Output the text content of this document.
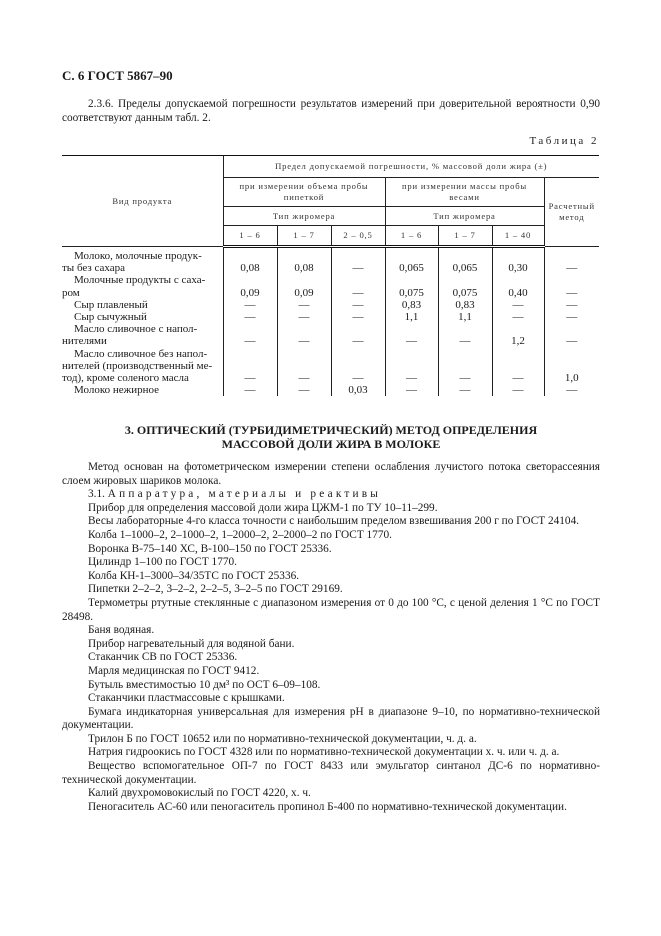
С. 6 ГОСТ 5867–90
2.3.6. Пределы допускаемой погрешности результатов измерений при доверительной вероятности 0,90 соответствуют данным табл. 2.
Таблица 2
Вид продукта	Предел допускаемой погрешности, % массовой доли жира (±)						
	при измерении объема пробы пипеткой			при измерении массы пробы весами			Расчетный метод
	Тип жиромера			Тип жиромера			
	1 – 6	1 – 7	2 – 0,5	1 – 6	1 – 7	1 – 40	

Молоко, молочные продук-
ты без сахара	0,08	0,08	—	0,065	0,065	0,30	—

Молочные продукты с саха-
ром	0,09	0,09	—	0,075	0,075	0,40	—

Сыр плавленый	—	—	—	0,83	0,83	—	—

Сыр сычужный	—	—	—	1,1	1,1	—	—

Масло сливочное с напол-
нителями	—	—	—	—	—	1,2	—

Масло сливочное без напол-
нителей (производственный ме-
тод), кроме соленого масла	—	—	—	—	—	—	1,0

Молоко нежирное	—	—	0,03	—	—	—	—
3. ОПТИЧЕСКИЙ (ТУРБИДИМЕТРИЧЕСКИЙ) МЕТОД ОПРЕДЕЛЕНИЯ
МАССОВОЙ ДОЛИ ЖИРА В МОЛОКЕ
Метод основан на фотометрическом измерении степени ослабления лучистого потока светорассеяния слоем жировых шариков молока.
3.1. Аппаратура, материалы и реактивы
Прибор для определения массовой доли жира ЦЖМ-1 по ТУ 10–11–299.
Весы лабораторные 4-го класса точности с наибольшим пределом взвешивания 200 г по ГОСТ 24104.
Колба 1–1000–2, 2–1000–2, 1–2000–2, 2–2000–2 по ГОСТ 1770.
Воронка В-75–140 ХС, В-100–150 по ГОСТ 25336.
Цилиндр 1–100 по ГОСТ 1770.
Колба КН-1–3000–34/35ТС по ГОСТ 25336.
Пипетки 2–2–2, 3–2–2, 2–2–5, 3–2–5 по ГОСТ 29169.
Термометры ртутные стеклянные с диапазоном измерения от 0 до 100 °С, с ценой деления 1 °С по ГОСТ 28498.
Баня водяная.
Прибор нагревательный для водяной бани.
Стаканчик СВ по ГОСТ 25336.
Марля медицинская по ГОСТ 9412.
Бутыль вместимостью 10 дм³ по ОСТ 6–09–108.
Стаканчики пластмассовые с крышками.
Бумага индикаторная универсальная для измерения pH в диапазоне 9–10, по нормативно-технической документации.
Трилон Б по ГОСТ 10652 или по нормативно-технической документации, ч. д. а.
Натрия гидроокись по ГОСТ 4328 или по нормативно-технической документации х. ч. или ч. д. а.
Вещество вспомогательное ОП-7 по ГОСТ 8433 или эмульгатор синтанол ДС-6 по нормативно-технической документации.
Калий двухромовокислый по ГОСТ 4220, х. ч.
Пеногаситель АС-60 или пеногаситель пропинол Б-400 по нормативно-технической документации.
